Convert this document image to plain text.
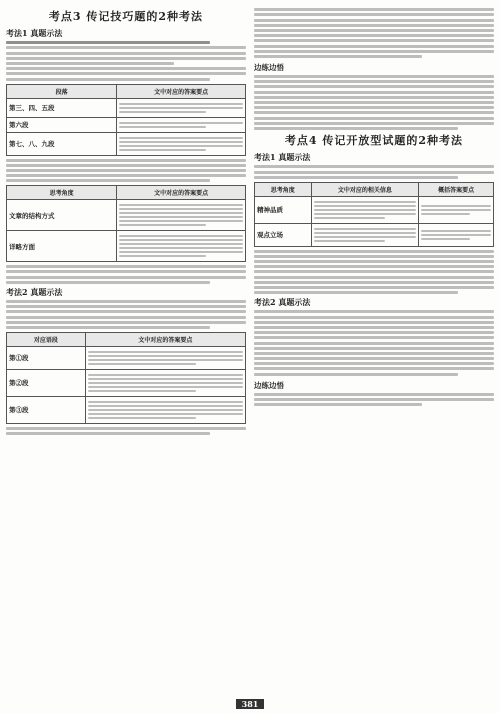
考点3 传记技巧题的2种考法
考法1 真题示法
段落	文中对应的答案要点
第三、四、五段	

第六段	

第七、八、九段	
思考角度	文中对应的答案要点
文章的结构方式	

详略方面	
考法2 真题示法
对应语段	文中对应的答案要点
第①段	

第②段	

第③段	
边练边悟
考点4 传记开放型试题的2种考法
考法1 真题示法
思考角度	文中对应的相关信息	概括答案要点
精神品质	

观点立场	

考法2 真题示法
边练边悟
381
